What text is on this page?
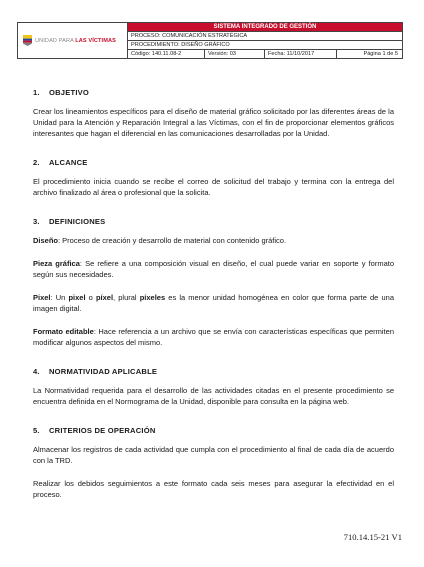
UNIDAD PARA LAS VÍCTIMAS
SISTEMA INTEGRADO DE GESTIÓN
PROCESO: COMUNICACIÓN ESTRATÉGICA
PROCEDIMIENTO: DISEÑO GRÁFICO
Código: 140.11.08-2	Versión: 03	Fecha: 11/10/2017	Página 1 de 5
1.	OBJETIVO

Crear los lineamientos específicos para el diseño de material gráfico solicitado por las diferentes áreas de la Unidad para la Atención y Reparación Integral a las Víctimas, con el fin de proporcionar elementos gráficos interesantes que hagan el diferencial en las comunicaciones desarrolladas por la Unidad.

2.	ALCANCE

El procedimiento inicia cuando se recibe el correo de solicitud del trabajo y termina con la entrega del archivo finalizado al área o profesional que la solicita.

3.	DEFINICIONES

Diseño: Proceso de creación y desarrollo de material con contenido gráfico.

Pieza gráfica: Se refiere a una composición visual en diseño, el cual puede variar en soporte y formato según sus necesidades.

Pixel: Un pixel o píxel, plural píxeles es la menor unidad homogénea en color que forma parte de una imagen digital.

Formato editable: Hace referencia a un archivo que se envía con características específicas que permiten modificar algunos aspectos del mismo.

4.	NORMATIVIDAD APLICABLE

La Normatividad requerida para el desarrollo de las actividades citadas en el presente procedimiento se encuentra definida en el Normograma de la Unidad, disponible para consulta en la página web.

5.	CRITERIOS DE OPERACIÓN

Almacenar los registros de cada actividad que cumpla con el procedimiento al final de cada día de acuerdo con la TRD.

Realizar los debidos seguimientos a este formato cada seis meses para asegurar la efectividad en el proceso.

710.14.15-21 V1
